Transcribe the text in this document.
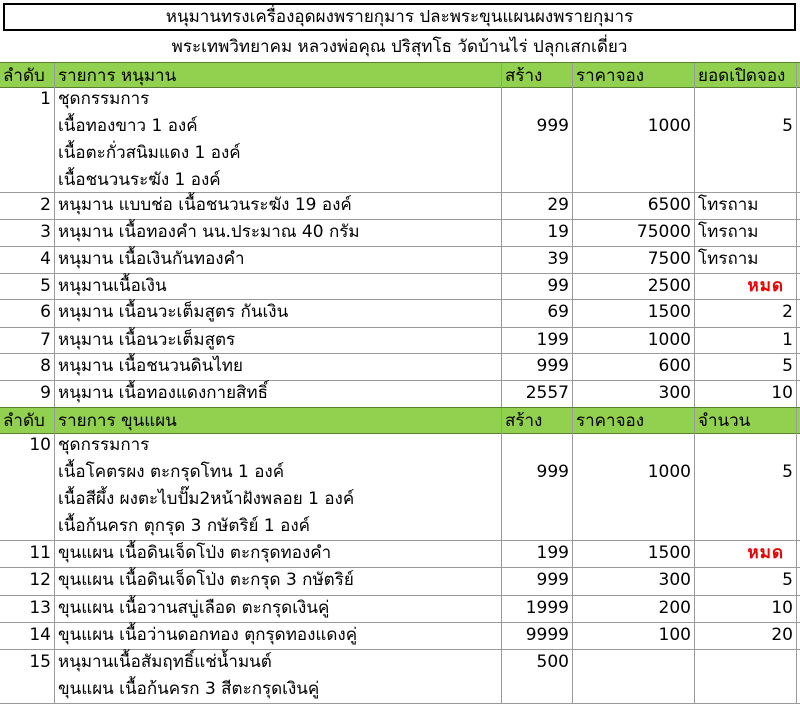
หนุมานทรงเครื่องอุดผงพรายกุมาร ปละพระขุนแผนผงพรายกุมาร
พระเทพวิทยาคม หลวงพ่อคุณ ปริสุทโธ วัดบ้านไร่ ปลุกเสกเดี่ยว
ลำดับ รายการ หนุมาน	สร้าง	ราคาจอง	ยอดเปิดจอง
1 ชุดกรรมการ
เนื้อทองขาว 1 องค์
เนื้อตะกั่วสนิมแดง 1 องค์
เนื้อชนวนระฆัง 1 องค์
999	1000	5
2 หนุมาน แบบช่อ เนื้อชนวนระฆัง 19 องค์	29	6500 โทรถาม
3 หนุมาน เนื้อทองคำ นน.ประมาณ 40 กรัม	19	75000 โทรถาม
4 หนุมาน เนื้อเงินกันทองคำ	39	7500 โทรถาม
5 หนุมานเนื้อเงิน	99	2500	หมด
6 หนุมาน เนื้อนวะเต็มสูตร กันเงิน	69	1500	2
7 หนุมาน เนื้อนวะเต็มสูตร	199	1000	1
8 หนุมาน เนื้อชนวนดินไทย	999	600	5
9 หนุมาน เนื้อทองแดงกายสิทธิ์	2557	300	10
ลำดับ รายการ ขุนแผน	สร้าง	ราคาจอง	จำนวน
10 ชุดกรรมการ
เนื้อโคตรผง ตะกรุดโทน 1 องค์
เนื้อสีผึ้ง ผงตะไบปั๊ม2หน้าฝังพลอย 1 องค์
เนื้อก้นครก ตุกรุด 3 กษัตริย์ 1 องค์
999	1000	5
11 ขุนแผน เนื้อดินเจ็ดโป่ง ตะกรุดทองคำ	199	1500	หมด
12 ขุนแผน เนื้อดินเจ็ดโป่ง ตะกรุด 3 กษัตริย์	999	300	5
13 ขุนแผน เนื้อวานสบู่เลือด ตะกรุดเงินคู่	1999	200	10
14 ขุนแผน เนื้อว่านดอกทอง ตุกรุดทองแดงคู่	9999	100	20
15 หนุมานเนื้อสัมฤทธิ์แช่น้ำมนต์
ขุนแผน เนื้อก้นครก 3 สีตะกรุดเงินคู่
500
